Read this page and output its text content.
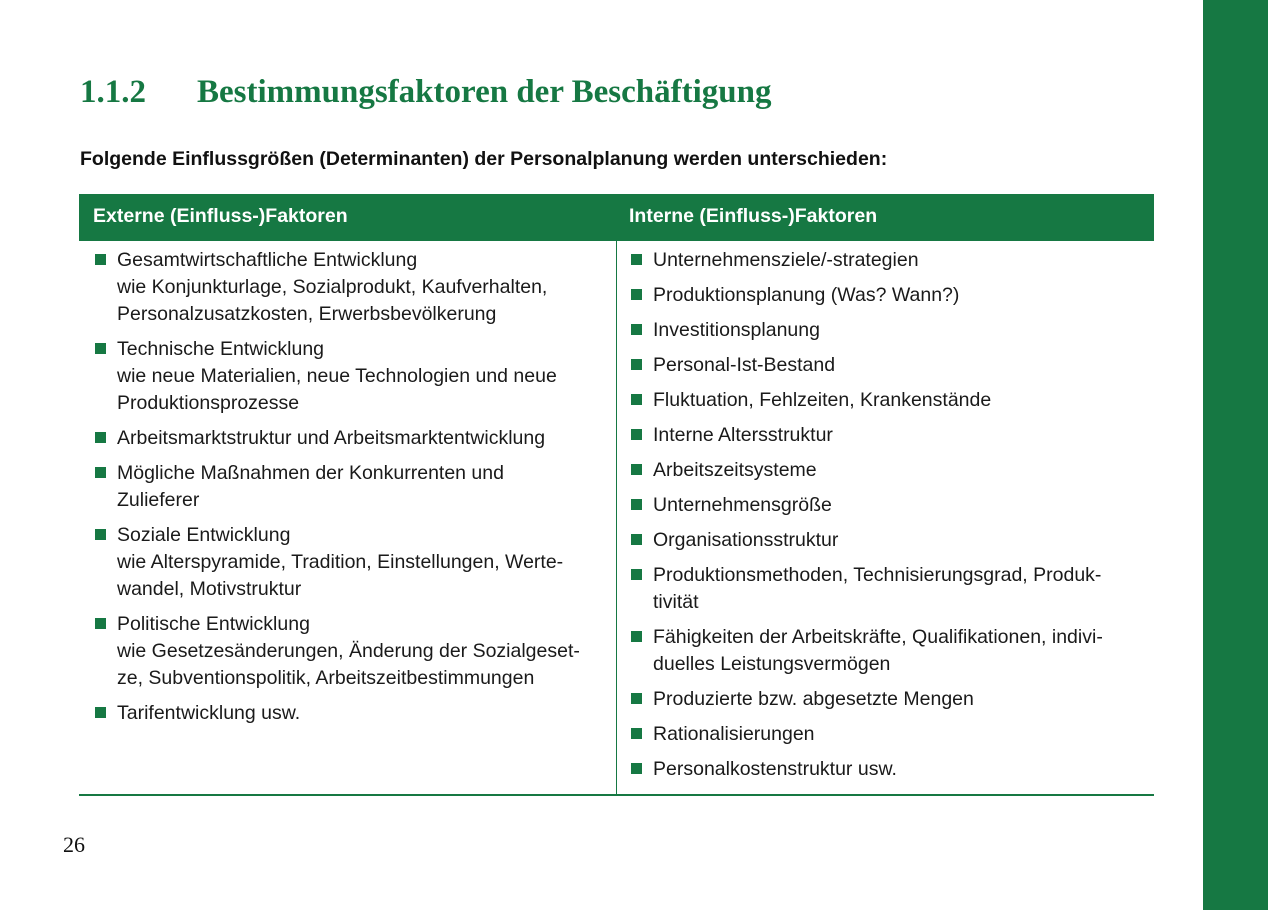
1.1.2 Bestimmungsfaktoren der Beschäftigung

Folgende Einflussgrößen (Determinanten) der Personalplanung werden unterschieden:

Externe (Einfluss-)Faktoren	Interne (Einfluss-)Faktoren
Gesamtwirtschaftliche Entwicklung
wie Konjunkturlage, Sozialprodukt, Kaufverhalten,
Personalzusatzkosten, Erwerbsbevölkerung
Technische Entwicklung
wie neue Materialien, neue Technologien und neue
Produktionsprozesse
Arbeitsmarktstruktur und Arbeitsmarktentwicklung
Mögliche Maßnahmen der Konkurrenten und
Zulieferer
Soziale Entwicklung
wie Alterspyramide, Tradition, Einstellungen, Werte-
wandel, Motivstruktur
Politische Entwicklung
wie Gesetzesänderungen, Änderung der Sozialgeset-
ze, Subventionspolitik, Arbeitszeitbestimmungen
Tarifentwicklung usw.
Unternehmensziele/-strategien
Produktionsplanung (Was? Wann?)
Investitionsplanung
Personal-Ist-Bestand
Fluktuation, Fehlzeiten, Krankenstände
Interne Altersstruktur
Arbeitszeitsysteme
Unternehmensgröße
Organisationsstruktur
Produktionsmethoden, Technisierungsgrad, Produk-
tivität
Fähigkeiten der Arbeitskräfte, Qualifikationen, indivi-
duelles Leistungsvermögen
Produzierte bzw. abgesetzte Mengen
Rationalisierungen
Personalkostenstruktur usw.
26
